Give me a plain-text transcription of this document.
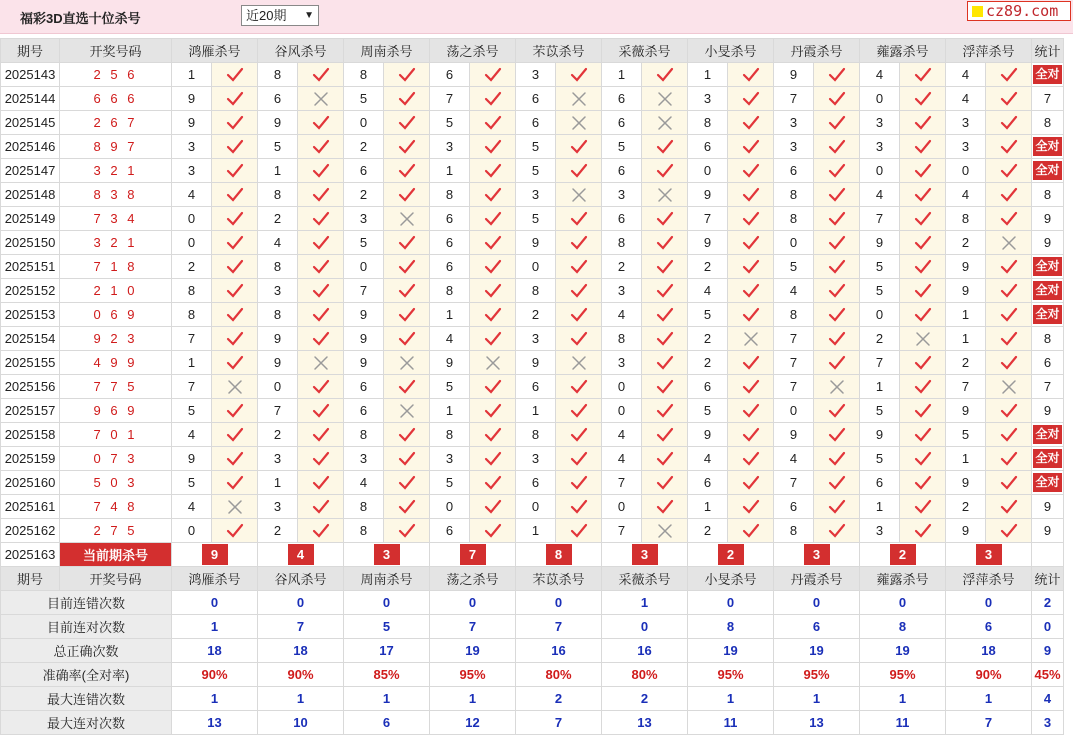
福彩3D直选十位杀号	近20期 ▼	cz89.com
期号	开奖号码	鸿雁杀号		谷风杀号		周南杀号		荡之杀号		芣苡杀号		采薇杀号		小旻杀号		丹霞杀号		蕹露杀号		浮萍杀号		统计
2025143	2 5 6	1		8		8		6		3		1		1		9		4		4		全对
2025144	6 6 6	9		6		5		7		6		6		3		7		0		4		7
2025145	2 6 7	9		9		0		5		6		6		8		3		3		3		8
2025146	8 9 7	3		5		2		3		5		5		6		3		3		3		全对
2025147	3 2 1	3		1		6		1		5		6		0		6		0		0		全对
2025148	8 3 8	4		8		2		8		3		3		9		8		4		4		8
2025149	7 3 4	0		2		3		6		5		6		7		8		7		8		9
2025150	3 2 1	0		4		5		6		9		8		9		0		9		2		9
2025151	7 1 8	2		8		0		6		0		2		2		5		5		9		全对
2025152	2 1 0	8		3		7		8		8		3		4		4		5		9		全对
2025153	0 6 9	8		8		9		1		2		4		5		8		0		1		全对
2025154	9 2 3	7		9		9		4		3		8		2		7		2		1		8
2025155	4 9 9	1		9		9		9		9		3		2		7		7		2		6
2025156	7 7 5	7		0		6		5		6		0		6		7		1		7		7
2025157	9 6 9	5		7		6		1		1		0		5		0		5		9		9
2025158	7 0 1	4		2		8		8		8		4		9		9		9		5		全对
2025159	0 7 3	9		3		3		3		3		4		4		4		5		1		全对
2025160	5 0 3	5		1		4		5		6		7		6		7		6		9		全对
2025161	7 4 8	4		3		8		0		0		0		1		6		1		2		9
2025162	2 7 5	0		2		8		6		1		7		2		8		3		9		9
2025163	当前期杀号	9		4		3		7		8		3		2		3		2		3		
期号	开奖号码	鸿雁杀号		谷风杀号		周南杀号		荡之杀号		芣苡杀号		采薇杀号		小旻杀号		丹霞杀号		蕹露杀号		浮萍杀号		统计
目前连错次数		0		0		0		0		0		1		0		0		0		0		2
目前连对次数		1		7		5		7		7		0		8		6		8		6		0
总正确次数		18		18		17		19		16		16		19		19		19		18		9
准确率(全对率)		90%		90%		85%		95%		80%		80%		95%		95%		95%		90%		45%
最大连错次数		1		1		1		1		2		2		1		1		1		1		4
最大连对次数		13		10		6		12		7		13		11		13		11		7		3
